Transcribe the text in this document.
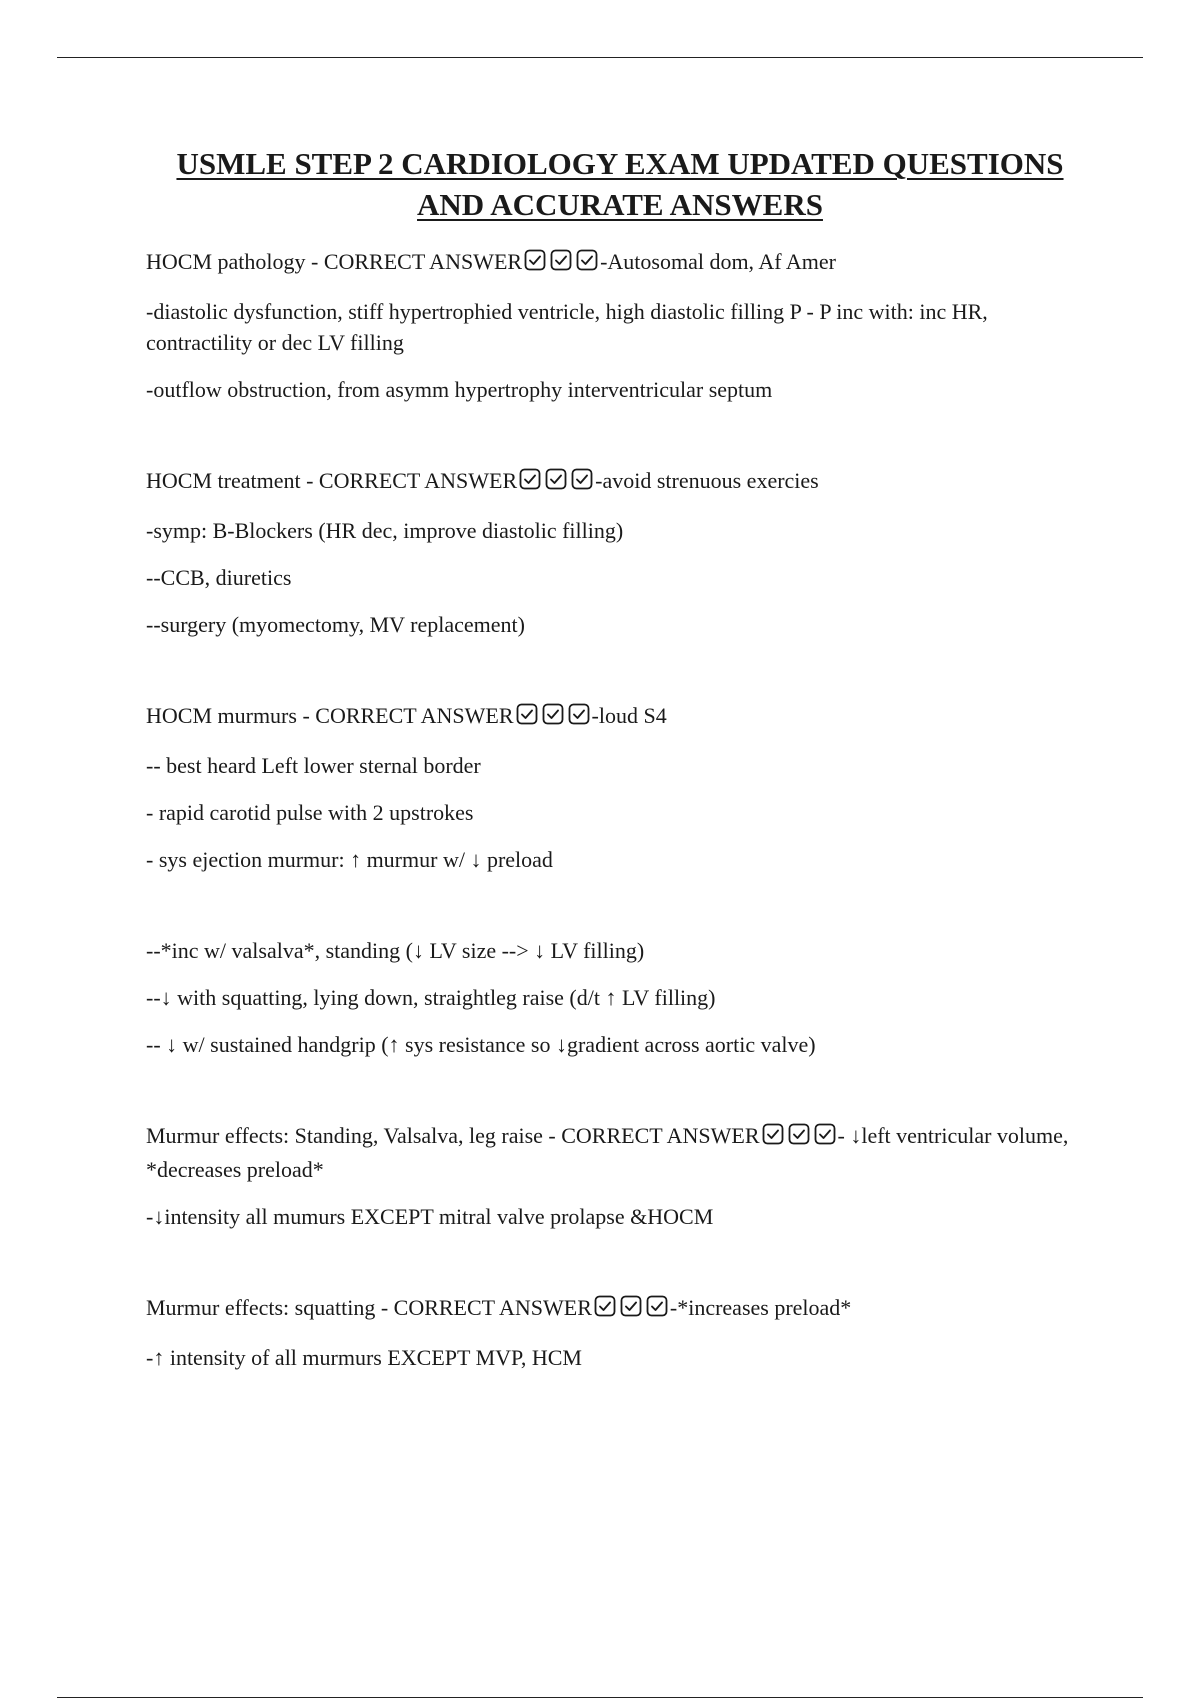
USMLE STEP 2 CARDIOLOGY EXAM UPDATED QUESTIONS
AND ACCURATE ANSWERS

HOCM pathology - CORRECT ANSWER	-Autosomal dom, Af Amer

-diastolic dysfunction, stiff hypertrophied ventricle, high diastolic filling P - P inc with: inc HR, contractility or dec LV filling

-outflow obstruction, from asymm hypertrophy interventricular septum

HOCM treatment - CORRECT ANSWER	-avoid strenuous exercies

-symp: B-Blockers (HR dec, improve diastolic filling)

--CCB, diuretics

--surgery (myomectomy, MV replacement)

HOCM murmurs - CORRECT ANSWER	-loud S4

-- best heard Left lower sternal border

- rapid carotid pulse with 2 upstrokes

- sys ejection murmur: ↑ murmur w/ ↓ preload

--*inc w/ valsalva*, standing (↓ LV size --> ↓ LV filling)

--↓ with squatting, lying down, straightleg raise (d/t ↑ LV filling)

-- ↓ w/ sustained handgrip (↑ sys resistance so ↓gradient across aortic valve)

Murmur effects: Standing, Valsalva, leg raise - CORRECT ANSWER	- ↓left ventricular volume, *decreases preload*

-↓intensity all mumurs EXCEPT mitral valve prolapse &HOCM

Murmur effects: squatting - CORRECT ANSWER	-*increases preload*

-↑ intensity of all murmurs EXCEPT MVP, HCM
